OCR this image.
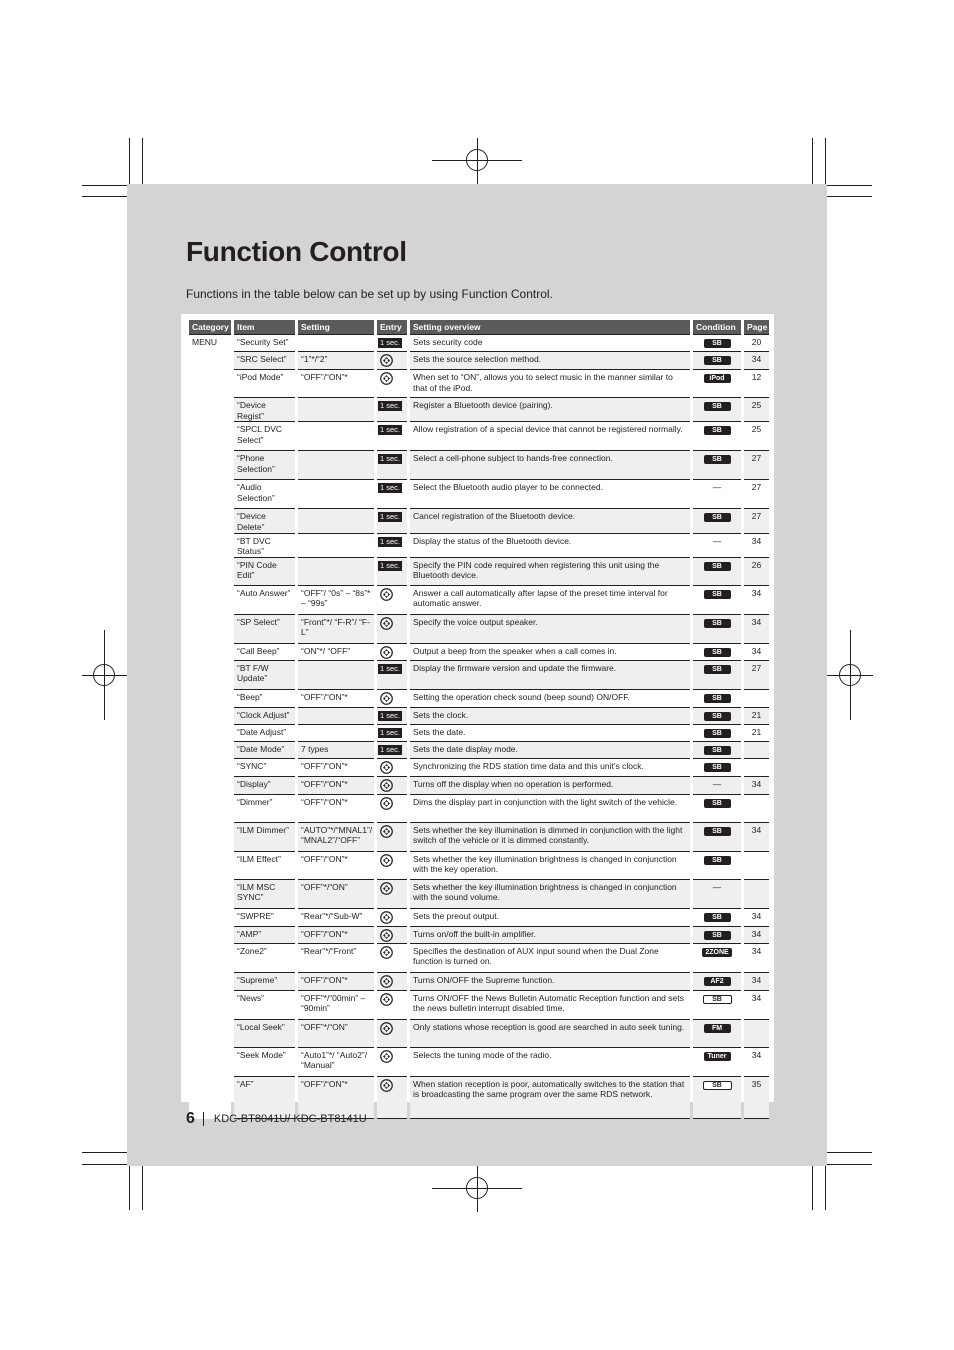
Function Control

Functions in the table below can be set up by using Function Control.

Category	Item	Setting	Entry	Setting overview	Condition	Page
MENU	“Security Set”		1 sec.	Sets security code	SB	20
	“SRC Select”	“1”*/“2”		Sets the source selection method.	SB	34
	“iPod Mode”	“OFF”/“ON”*		When set to “ON”, allows you to select music in the manner similar to that of the iPod.	iPod	12
	“Device Regist”		1 sec.	Register a Bluetooth device (pairing).	SB	25
	“SPCL DVC Select”		1 sec.	Allow registration of a special device that cannot be registered normally.	SB	25
	“Phone Selection”		1 sec.	Select a cell-phone subject to hands-free connection.	SB	27
	“Audio Selection”		1 sec.	Select the Bluetooth audio player to be connected.	—	27
	“Device Delete”		1 sec.	Cancel registration of the Bluetooth device.	SB	27
	“BT DVC Status”		1 sec.	Display the status of the Bluetooth device.	—	34
	“PIN Code Edit”		1 sec.	Specify the PIN code required when registering this unit using the Bluetooth device.	SB	26
	“Auto Answer”	“OFF”/ “0s” – “8s”* – “99s”		Answer a call automatically after lapse of the preset time interval for automatic answer.	SB	34
	“SP Select”	“Front”*/ “F-R”/ “F-L”		Specify the voice output speaker.	SB	34
	“Call Beep”	“ON”*/ “OFF”		Output a beep from the speaker when a call comes in.	SB	34
	“BT F/W Update”		1 sec.	Display the firmware version and update the firmware.	SB	27
	“Beep”	“OFF”/“ON”*		Setting the operation check sound (beep sound) ON/OFF.	SB	
	“Clock Adjust”		1 sec.	Sets the clock.	SB	21
	“Date Adjust”		1 sec.	Sets the date.	SB	21
	“Date Mode”	7 types	1 sec.	Sets the date display mode.	SB	
	“SYNC”	“OFF”/“ON”*		Synchronizing the RDS station time data and this unit’s clock.	SB	
	“Display”	“OFF”/“ON”*		Turns off the display when no operation is performed.	—	34
	“Dimmer”	“OFF”/“ON”*		Dims the display part in conjunction with the light switch of the vehicle.	SB	
	“ILM Dimmer”	“AUTO”*/“MNAL1”/ “MNAL2”/“OFF”		Sets whether the key illumination is dimmed in conjunction with the light switch of the vehicle or it is dimmed constantly.	SB	34
	“ILM Effect”	“OFF”/“ON”*		Sets whether the key illumination brightness is changed in conjunction with the key operation.	SB	
	“ILM MSC SYNC”	“OFF”*/“ON”		Sets whether the key illumination brightness is changed in conjunction with the sound volume.	—	
	“SWPRE”	“Rear”*/“Sub-W”		Sets the preout output.	SB	34
	“AMP”	“OFF”/“ON”*		Turns on/off the built-in amplifier.	SB	34
	“Zone2”	“Rear”*/“Front”		Specifies the destination of AUX input sound when the Dual Zone function is turned on.	2ZONE	34
	“Supreme”	“OFF”/“ON”*		Turns ON/OFF the Supreme function.	AF2	34
	“News”	“OFF”*/“00min” – “90min”		Turns ON/OFF the News Bulletin Automatic Reception function and sets the news bulletin interrupt disabled time.	SB	34
	“Local Seek”	“OFF”*/“ON”		Only stations whose reception is good are searched in auto seek tuning.	FM	
	“Seek Mode”	“Auto1”*/ “Auto2”/ “Manual”		Selects the tuning mode of the radio.	Tuner	34
	“AF”	“OFF”/“ON”*		When station reception is poor, automatically switches to the station that is broadcasting the same program over the same RDS network.	SB	35
6 KDC-BT8041U/ KDC-BT8141U
